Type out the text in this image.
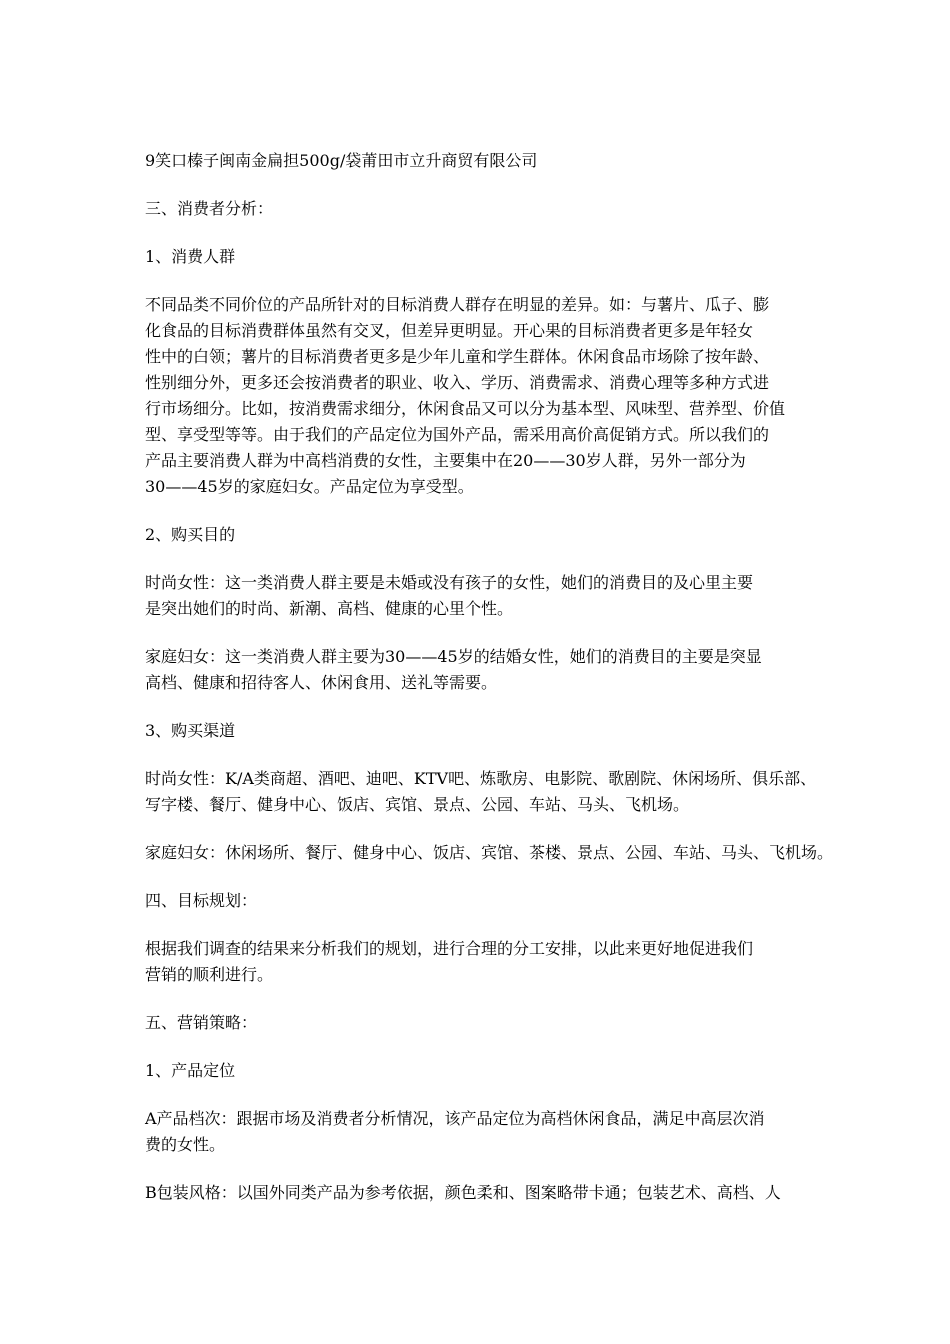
9笑口榛子闽南金扁担500g/袋莆田市立升商贸有限公司

三、消费者分析：

1、消费人群

不同品类不同价位的产品所针对的目标消费人群存在明显的差异。如：与薯片、瓜子、膨
化食品的目标消费群体虽然有交叉，但差异更明显。开心果的目标消费者更多是年轻女
性中的白领；薯片的目标消费者更多是少年儿童和学生群体。休闲食品市场除了按年龄、
性别细分外，更多还会按消费者的职业、收入、学历、消费需求、消费心理等多种方式进
行市场细分。比如，按消费需求细分，休闲食品又可以分为基本型、风味型、营养型、价值
型、享受型等等。由于我们的产品定位为国外产品，需采用高价高促销方式。所以我们的
产品主要消费人群为中高档消费的女性，主要集中在20——30岁人群，另外一部分为
30——45岁的家庭妇女。产品定位为享受型。

2、购买目的

时尚女性：这一类消费人群主要是未婚或没有孩子的女性，她们的消费目的及心里主要
是突出她们的时尚、新潮、高档、健康的心里个性。

家庭妇女：这一类消费人群主要为30——45岁的结婚女性，她们的消费目的主要是突显
高档、健康和招待客人、休闲食用、送礼等需要。

3、购买渠道

时尚女性：K/A类商超、酒吧、迪吧、KTV吧、炼歌房、电影院、歌剧院、休闲场所、俱乐部、
写字楼、餐厅、健身中心、饭店、宾馆、景点、公园、车站、马头、飞机场。

家庭妇女：休闲场所、餐厅、健身中心、饭店、宾馆、茶楼、景点、公园、车站、马头、飞机场。

四、目标规划：

根据我们调查的结果来分析我们的规划，进行合理的分工安排，以此来更好地促进我们
营销的顺利进行。

五、营销策略：

1、产品定位

A产品档次：跟据市场及消费者分析情况，该产品定位为高档休闲食品，满足中高层次消
费的女性。

B包装风格：以国外同类产品为参考依据，颜色柔和、图案略带卡通；包装艺术、高档、人
